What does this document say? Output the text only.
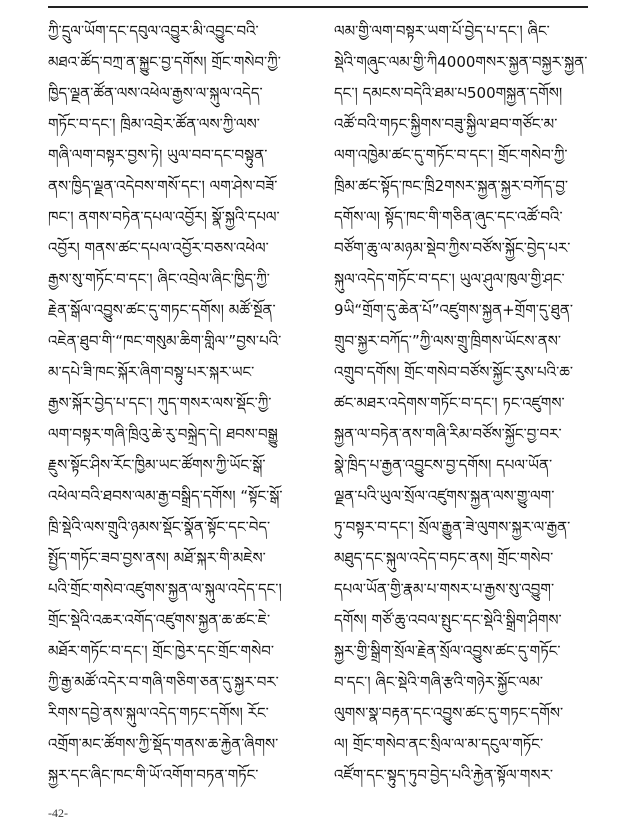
ཀྱི་དྲུལ་ཡོག་དང་དབུལ་འབྱུར་མི་འབྱུང་བའི་
མཐའ་ཚོད་བཀྲ་ན་སྐྱུང་བྱ་དགོས། གྲོང་གསེབ་ཀྱི་
ཁྱིད་ལྗན་ཚོན་ལས་འཕེལ་རྒྱས་ལ་སྐུལ་འདེད་
གཏོང་བ་དང་། ཁྲིམ་འབྲེར་ཚོན་ལས་ཀྱི་ལས་
གཞི་ལག་བསྟར་བྱས་ཏེ། ཡུལ་བབ་དང་བསྟུན་
ནས་ཁྱིད་ལྗན་འདེབས་གསོ་དང་། ལག་ཤེས་བཟོ་
ཁང་། ནགས་བཏེན་དཔལ་འབྱོར། སྣོ་སྐྱའི་དཔལ་
འབྱོར། གནས་ཚང་དཔལ་འབྱོར་བཅས་འཕེལ་
རྒྱས་སུ་གཏོང་བ་དང་། ཞིང་འབྲེལ་ཞིང་ཁྱིད་ཀྱི་
རྗེན་སྒོལ་འབྱུས་ཚང་དུ་གཏང་དགོས། མཚོ་སྔོན་
འཇེན་ཐུབ་གི་“ཁང་གསུམ་ཆིག་གླིལ་”བྱས་པའི་
མ་དཔེ་ཟི་ཁང་སྐོར་ཞིག་བསྟུ་པར་སྐར་ཡང་
རྒྱས་སྐོར་བྱེད་པ་དང་། ཀུད་གསར་ལས་སྡོང་ཀྱི་
ལག་བསྟར་གཞི་ཁྲིའུ་ཆེ་རུ་བསྐྲེད་དེ། ཐབས་བསྒྱུ
རྗུས་སྟོང་ཤིས་རོང་ཁྱིམ་ཡང་ཚོགས་ཀྱི་ཡོང་སྒོ་
འཕེལ་བའི་ཐབས་ལམ་རྒྱ་བསྒྲིད་དགོས། “སྟོང་སྒོ་
ཁྲི་སྡེའི་ལས་གྲུའི་ཉམས་སྡོང་སྣོན་སྟོང་དང་བེད་
སྤྱོད་གཏོང་ཟབ་བྱས་ནས། མཐོ་སྐར་གི་མཇེས་
པའི་གྲོང་གསེབ་འཛུགས་སྐྱན་ལ་སྐུལ་འདེད་དང་།
གྲོང་སྡེའི་འཆར་འགོད་འཛུགས་སྐྱན་ཆ་ཚང་ཇེ་
མཐོར་གཏོང་བ་དང་། གྲོང་ཁྱེར་དང་གྲོང་གསེབ་
ཀྱི་རྒྱ་མཚོ་འདེར་བ་གཞི་གཅིག་ཅན་དུ་སྐྱར་བར་
རིགས་དབྱེ་ནས་སྐུལ་འདེད་གཏང་དགོས། རོང་
འགྲོག་མང་ཚོགས་ཀྱི་སྡོད་གནས་ཆ་རྐྱེན་ཞིགས་
སྐྱར་དང་ཞིང་ཁང་གི་ཡོ་འགོག་བཏན་གཏོང་
ལམ་གྱི་ལག་བསྟར་ཡག་པོ་བྱེད་པ་དང་། ཞིང་
སྡེའི་གཞུང་ལམ་གྱི་ཀི4000གསར་སྐྱན་བསྐྱར་སྐྱན་
དང་། དམངས་བདེའི་ཐམ་པ500གསྐྱན་དགོས།
འཚོ་བའི་གཏང་སྐྱིགས་བཟུ་སྐྱིལ་ཐབ་གཙོང་མ་
ལག་འཁྱེམ་ཚང་དུ་གཏོང་བ་དང་། གྲོང་གསེབ་ཀྱི་
ཁྲིམ་ཚང་སྟོད་ཁང་ཁྲི2གསར་སྐྱན་སྐྱར་བཀོད་བྱ་
དགོས་ལ། སྟོད་ཁང་གི་གཅིན་ཞུང་དང་འཚོ་བའི་
བཙོག་ཆུ་ལ་མཉམ་སྡེབ་ཀྱིས་བཙོས་སྐྱོང་བྱེད་པར་
སྐུལ་འདེད་གཏོང་བ་དང་། ཡུལ་ཤུལ་ཁུལ་གྱི་ཤང་
9ཡི“གྲོག་དུ་ཆེན་པོ”འཛུགས་སྐྱན+གྲོག་དུ་ཐུན་
གྲུབ་སྐྱར་བཀོད་”ཀྱི་ལས་གྲུ་ཁྲིགས་ཡོངས་ནས་
འགྲུབ་དགོས། གྲོང་གསེབ་བཙོས་སྐྱོང་རུས་པའི་ཆ་
ཚང་མཐར་འདེགས་གཏོང་བ་དང་། ཏང་འཛུགས་
སྐྱན་ལ་བཏེན་ནས་གཞི་རིམ་བཙོས་སྐྱོང་བྱ་བར་
སྣེ་ཁྲིད་པ་རྒྱན་འབྱུངས་བྱ་དགོས། དཔལ་ཡོན་
ལྗན་པའི་ཡུལ་སྲོལ་འཛུགས་སྐྱན་ལས་གྱུ་ལག་
ཏུ་བསྟར་བ་དང་། སྲོལ་རྒྱུན་ཟེ་ལུགས་སྐྱར་ལ་རྒྱན་
མཐུད་དང་སྐུལ་འདེད་བཏང་ནས། གྲོང་གསེབ་
དཔལ་ཡོན་གྱི་རྣམ་པ་གསར་པ་རྒྱས་སུ་འབྱུག་
དགོས། གཙོ་ཆུ་འབལ་སྤུང་དང་སྡེའི་སྒྲིག་ཤིགས་
སྐྱར་གྱི་སྒྲིག་སྲོལ་རྗེན་སྲོལ་འབྱུས་ཚང་དུ་གཏོང་
བ་དང་། ཞིང་སྡེའི་གཞི་རྩའི་གཉེར་སྐྱོང་ལམ་
ལུགས་སྣ་བརྟན་དང་འབྱུས་ཚང་དུ་གཏང་དགོས་
ལ། གྲོང་གསེབ་ནང་སྲིལ་ལ་མ་དངུལ་གཏོང་
འཛོག་དང་སྟུད་ཏུབ་བྱེད་པའི་རྐྱེན་སྟོལ་གསར་
-42-
